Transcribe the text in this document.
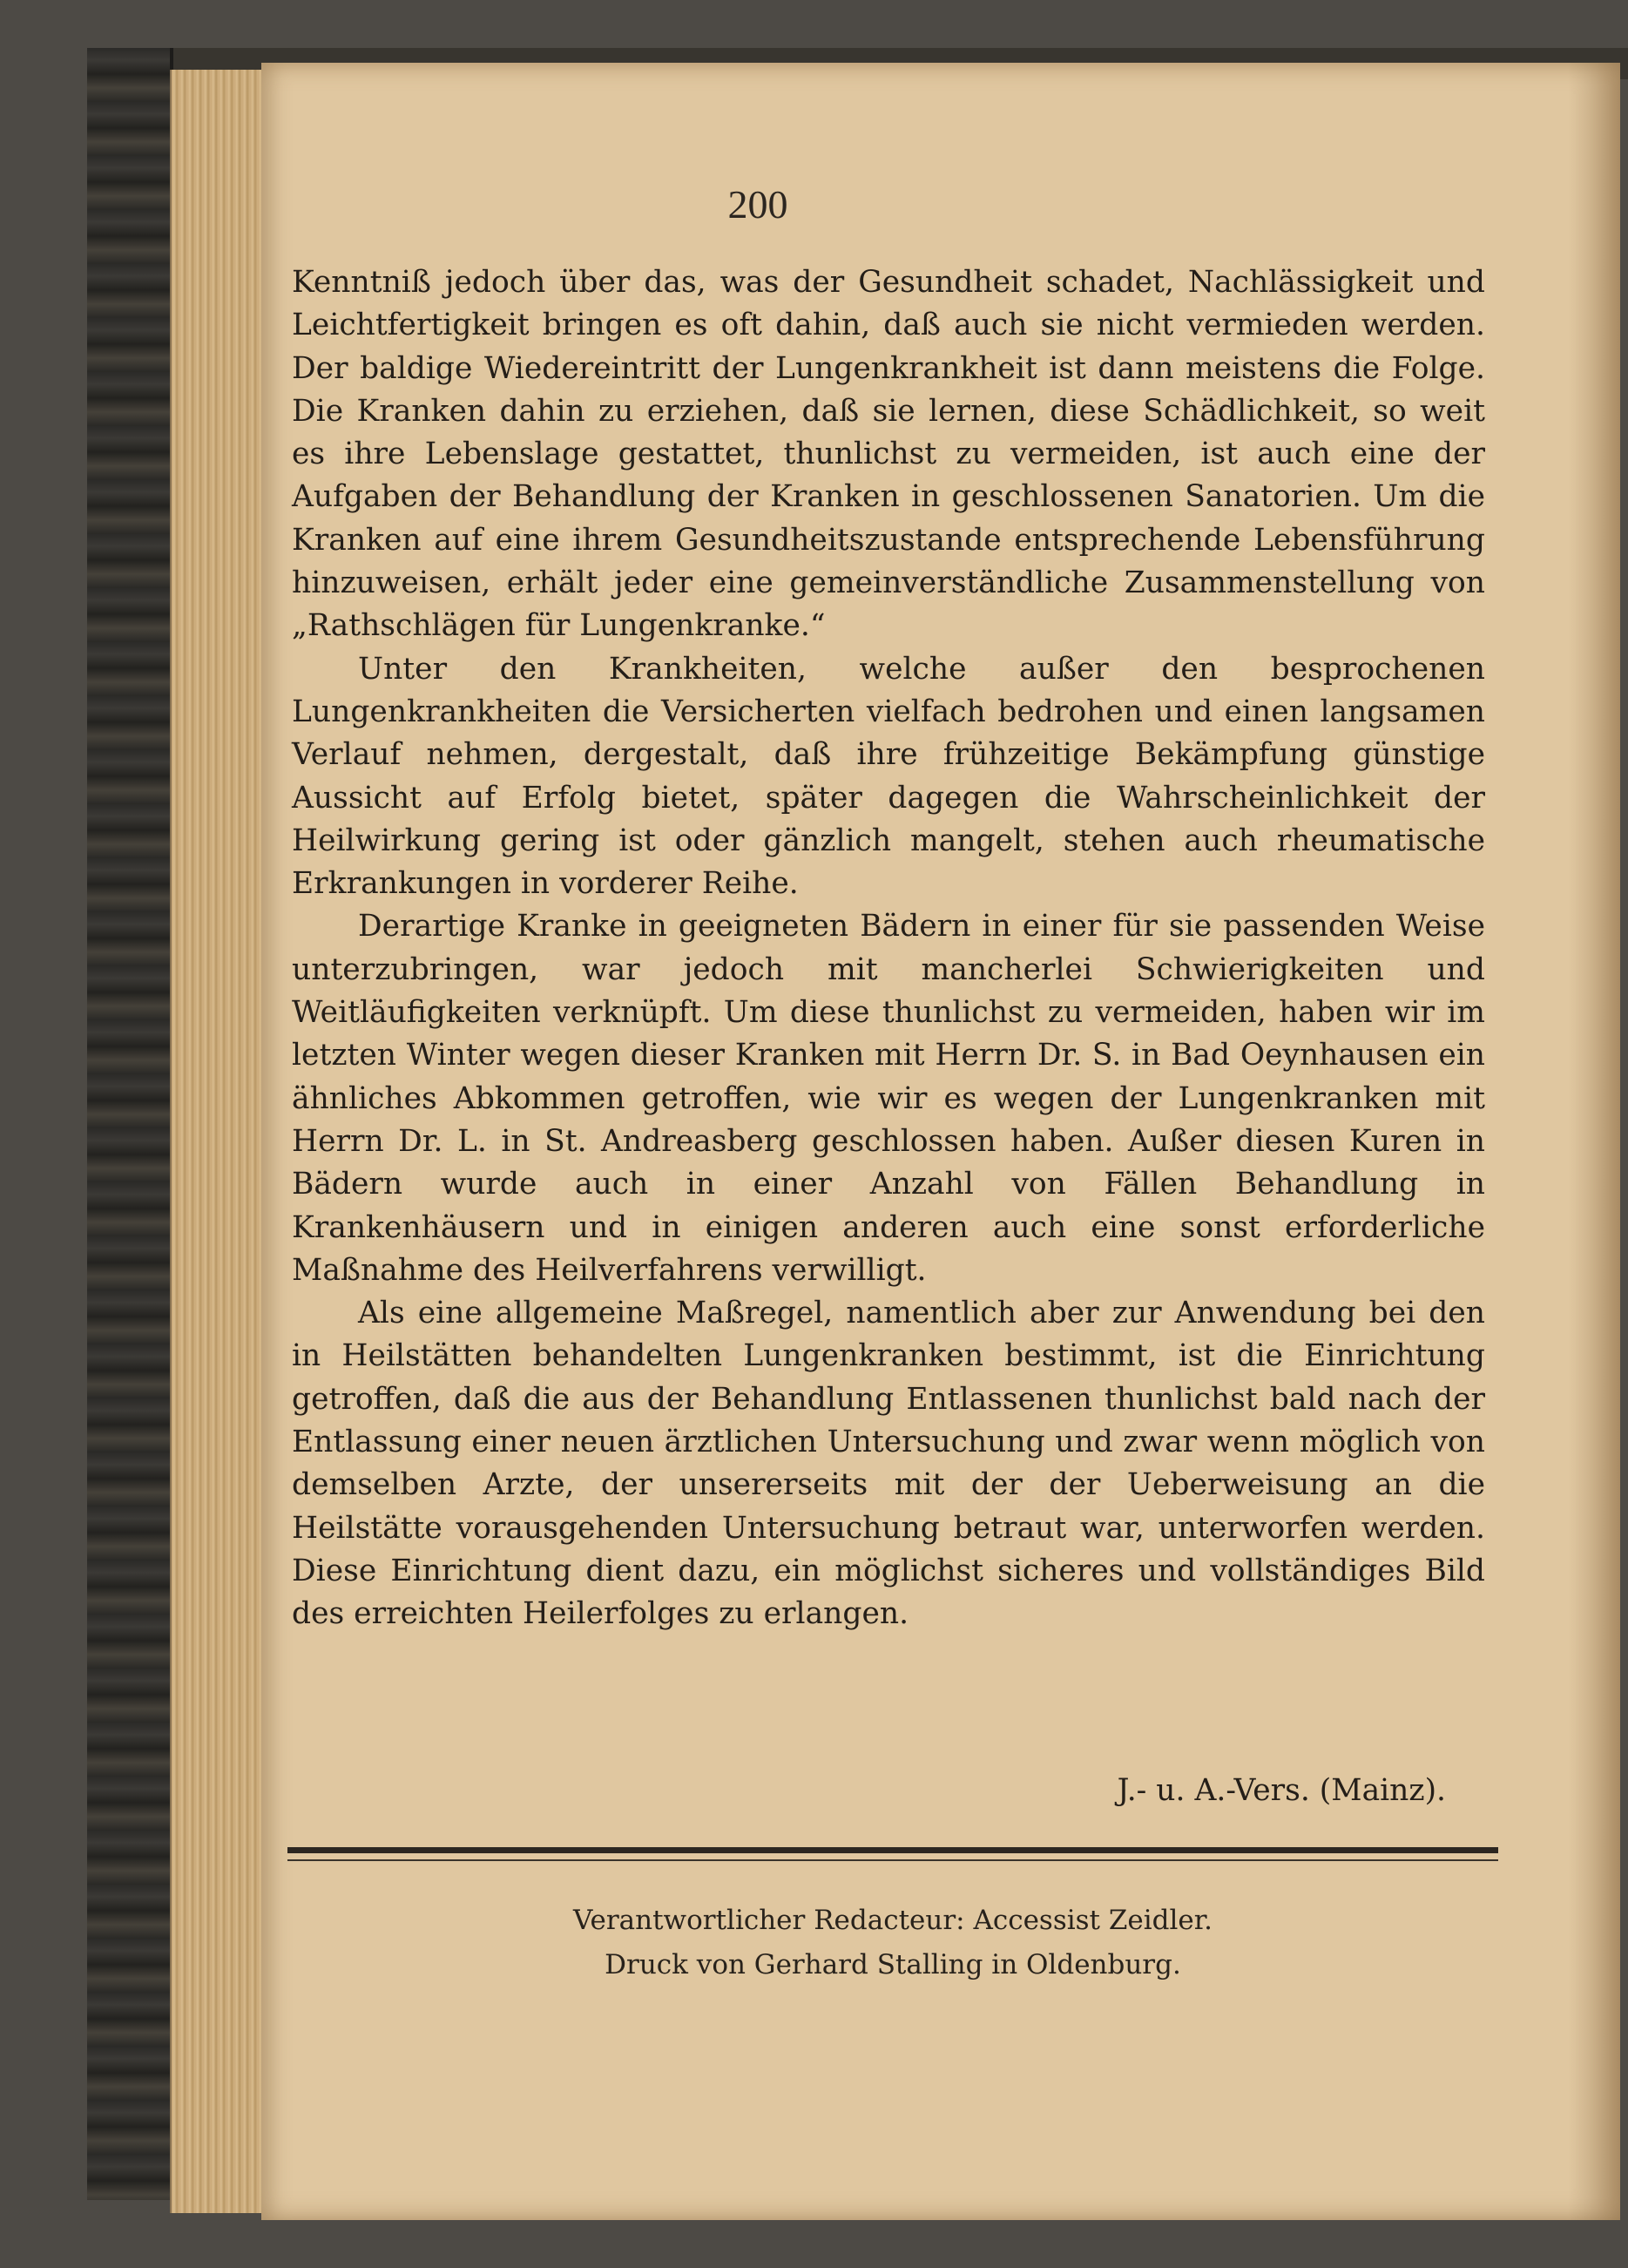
200

Kenntniß jedoch über das, was der Gesundheit schadet, Nachlässigkeit und Leichtfertigkeit bringen es oft dahin, daß auch sie nicht vermieden werden. Der baldige Wiedereintritt der Lungenkrankheit ist dann meistens die Folge. Die Kranken dahin zu erziehen, daß sie lernen, diese Schädlichkeit, so weit es ihre Lebenslage gestattet, thunlichst zu vermeiden, ist auch eine der Aufgaben der Behandlung der Kranken in geschlossenen Sanatorien. Um die Kranken auf eine ihrem Gesundheitszustande entsprechende Lebensführung hinzuweisen, erhält jeder eine gemeinverständliche Zusammenstellung von „Rathschlägen für Lungenkranke.“

Unter den Krankheiten, welche außer den besprochenen Lungenkrankheiten die Versicherten vielfach bedrohen und einen langsamen Verlauf nehmen, dergestalt, daß ihre frühzeitige Bekämpfung günstige Aussicht auf Erfolg bietet, später dagegen die Wahrscheinlichkeit der Heilwirkung gering ist oder gänzlich mangelt, stehen auch rheumatische Erkrankungen in vorderer Reihe.

Derartige Kranke in geeigneten Bädern in einer für sie passenden Weise unterzubringen, war jedoch mit mancherlei Schwierigkeiten und Weitläufigkeiten verknüpft. Um diese thunlichst zu vermeiden, haben wir im letzten Winter wegen dieser Kranken mit Herrn Dr. S. in Bad Oeynhausen ein ähnliches Abkommen getroffen, wie wir es wegen der Lungenkranken mit Herrn Dr. L. in St. Andreasberg geschlossen haben. Außer diesen Kuren in Bädern wurde auch in einer Anzahl von Fällen Behandlung in Krankenhäusern und in einigen anderen auch eine sonst erforderliche Maßnahme des Heilverfahrens verwilligt.

Als eine allgemeine Maßregel, namentlich aber zur Anwendung bei den in Heilstätten behandelten Lungenkranken bestimmt, ist die Einrichtung getroffen, daß die aus der Behandlung Entlassenen thunlichst bald nach der Entlassung einer neuen ärztlichen Untersuchung und zwar wenn möglich von demselben Arzte, der unsererseits mit der der Ueberweisung an die Heilstätte vorausgehenden Untersuchung betraut war, unterworfen werden. Diese Einrichtung dient dazu, ein möglichst sicheres und vollständiges Bild des erreichten Heilerfolges zu erlangen.

J.- u. A.-Vers. (Mainz).
Verantwortlicher Redacteur: Accessist Zeidler.
Druck von Gerhard Stalling in Oldenburg.
